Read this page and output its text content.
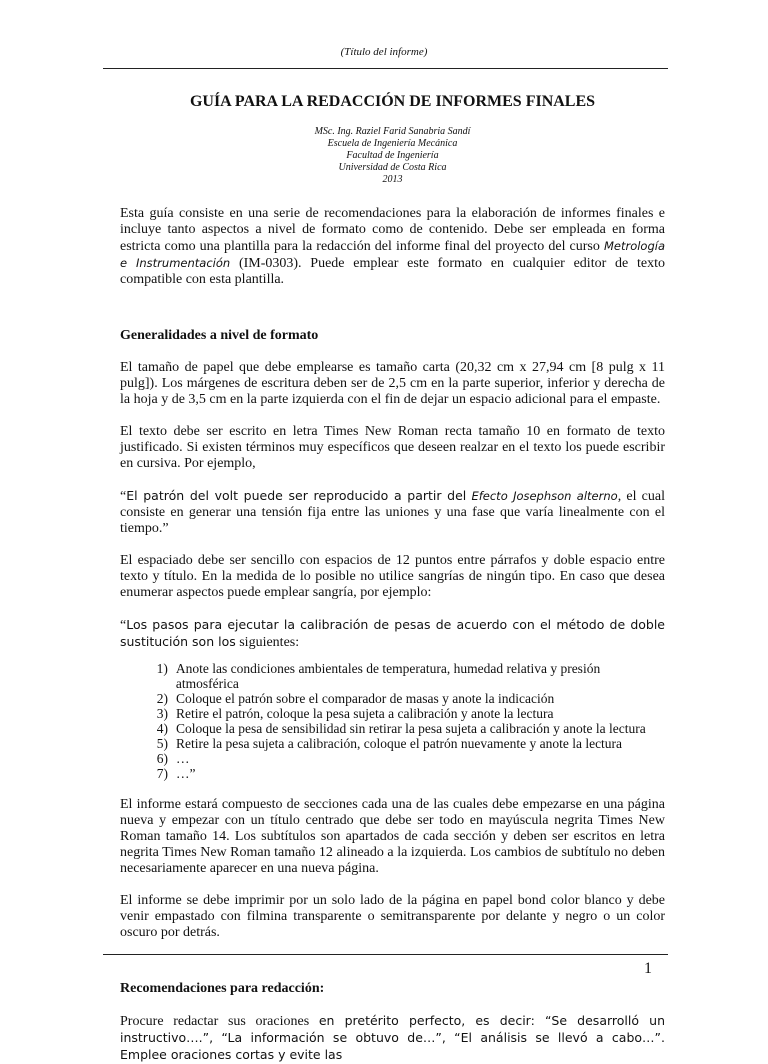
(Título del informe)
GUÍA PARA LA REDACCIÓN DE INFORMES FINALES
MSc. Ing. Raziel Farid Sanabria Sandí
Escuela de Ingeniería Mecánica
Facultad de Ingeniería
Universidad de Costa Rica
2013

Esta guía consiste en una serie de recomendaciones para la elaboración de informes finales e incluye tanto aspectos a nivel de formato como de contenido. Debe ser empleada en forma estricta como una plantilla para la redacción del informe final del proyecto del curso Metrología e Instrumentación (IM-0303). Puede emplear este formato en cualquier editor de texto compatible con esta plantilla.

Generalidades a nivel de formato

El tamaño de papel que debe emplearse es tamaño carta (20,32 cm x 27,94 cm [8 pulg x 11 pulg]). Los márgenes de escritura deben ser de 2,5 cm en la parte superior, inferior y derecha de la hoja y de 3,5 cm en la parte izquierda con el fin de dejar un espacio adicional para el empaste.

El texto debe ser escrito en letra Times New Roman recta tamaño 10 en formato de texto justificado. Si existen términos muy específicos que deseen realzar en el texto los puede escribir en cursiva. Por ejemplo,

“El patrón del volt puede ser reproducido a partir del Efecto Josephson alterno, el cual consiste en generar una tensión fija entre las uniones y una fase que varía linealmente con el tiempo.”

El espaciado debe ser sencillo con espacios de 12 puntos entre párrafos y doble espacio entre texto y título. En la medida de lo posible no utilice sangrías de ningún tipo. En caso que desea enumerar aspectos puede emplear sangría, por ejemplo:

“Los pasos para ejecutar la calibración de pesas de acuerdo con el método de doble sustitución son los siguientes:

1) Anote las condiciones ambientales de temperatura, humedad relativa y presión atmosférica
2) Coloque el patrón sobre el comparador de masas y anote la indicación
3) Retire el patrón, coloque la pesa sujeta a calibración y anote la lectura
4) Coloque la pesa de sensibilidad sin retirar la pesa sujeta a calibración y anote la lectura
5) Retire la pesa sujeta a calibración, coloque el patrón nuevamente y anote la lectura
6) …
7) …”

El informe estará compuesto de secciones cada una de las cuales debe empezarse en una página nueva y empezar con un título centrado que debe ser todo en mayúscula negrita Times New Roman tamaño 14. Los subtítulos son apartados de cada sección y deben ser escritos en letra negrita Times New Roman tamaño 12 alineado a la izquierda. Los cambios de subtítulo no deben necesariamente aparecer en una nueva página.

El informe se debe imprimir por un solo lado de la página en papel bond color blanco y debe venir empastado con filmina transparente o semitransparente por delante y negro o un color oscuro por detrás.

Recomendaciones para redacción:

Procure redactar sus oraciones en pretérito perfecto, es decir: “Se desarrolló un instructivo….”, “La información se obtuvo de…”, “El análisis se llevó a cabo…”. Emplee oraciones cortas y evite las

1
